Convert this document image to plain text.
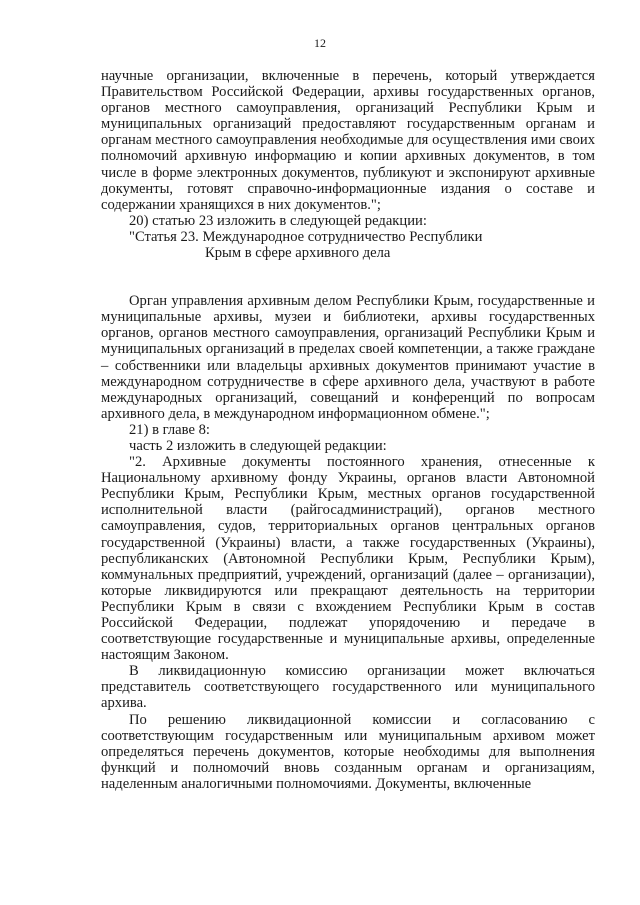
12

научные организации, включенные в перечень, который утверждается Правительством Российской Федерации, архивы государственных органов, органов местного самоуправления, организаций Республики Крым и муниципальных организаций предоставляют государственным органам и органам местного самоуправления необходимые для осуществления ими своих полномочий архивную информацию и копии архивных документов, в том числе в форме электронных документов, публикуют и экспонируют архивные документы, готовят справочно-информационные издания о составе и содержании хранящихся в них документов.";

20) статью 23 изложить в следующей редакции:

"Статья 23. Международное сотрудничество Республики

Крым в сфере архивного дела

Орган управления архивным делом Республики Крым, государственные и муниципальные архивы, музеи и библиотеки, архивы государственных органов, органов местного самоуправления, организаций Республики Крым и муниципальных организаций в пределах своей компетенции, а также граждане – собственники или владельцы архивных документов принимают участие в международном сотрудничестве в сфере архивного дела, участвуют в работе международных организаций, совещаний и конференций по вопросам архивного дела, в международном информационном обмене.";

21) в главе 8:

часть 2 изложить в следующей редакции:

"2. Архивные документы постоянного хранения, отнесенные к Национальному архивному фонду Украины, органов власти Автономной Республики Крым, Республики Крым, местных органов государственной исполнительной власти (райгосадминистраций), органов местного самоуправления, судов, территориальных органов центральных органов государственной (Украины) власти, а также государственных (Украины), республиканских (Автономной Республики Крым, Республики Крым), коммунальных предприятий, учреждений, организаций (далее – организации), которые ликвидируются или прекращают деятельность на территории Республики Крым в связи с вхождением Республики Крым в состав Российской Федерации, подлежат упорядочению и передаче в соответствующие государственные и муниципальные архивы, определенные настоящим Законом.

В ликвидационную комиссию организации может включаться представитель соответствующего государственного или муниципального архива.

По решению ликвидационной комиссии и согласованию с соответствующим государственным или муниципальным архивом может определяться перечень документов, которые необходимы для выполнения функций и полномочий вновь созданным органам и организациям, наделенным аналогичными полномочиями. Документы, включенные
